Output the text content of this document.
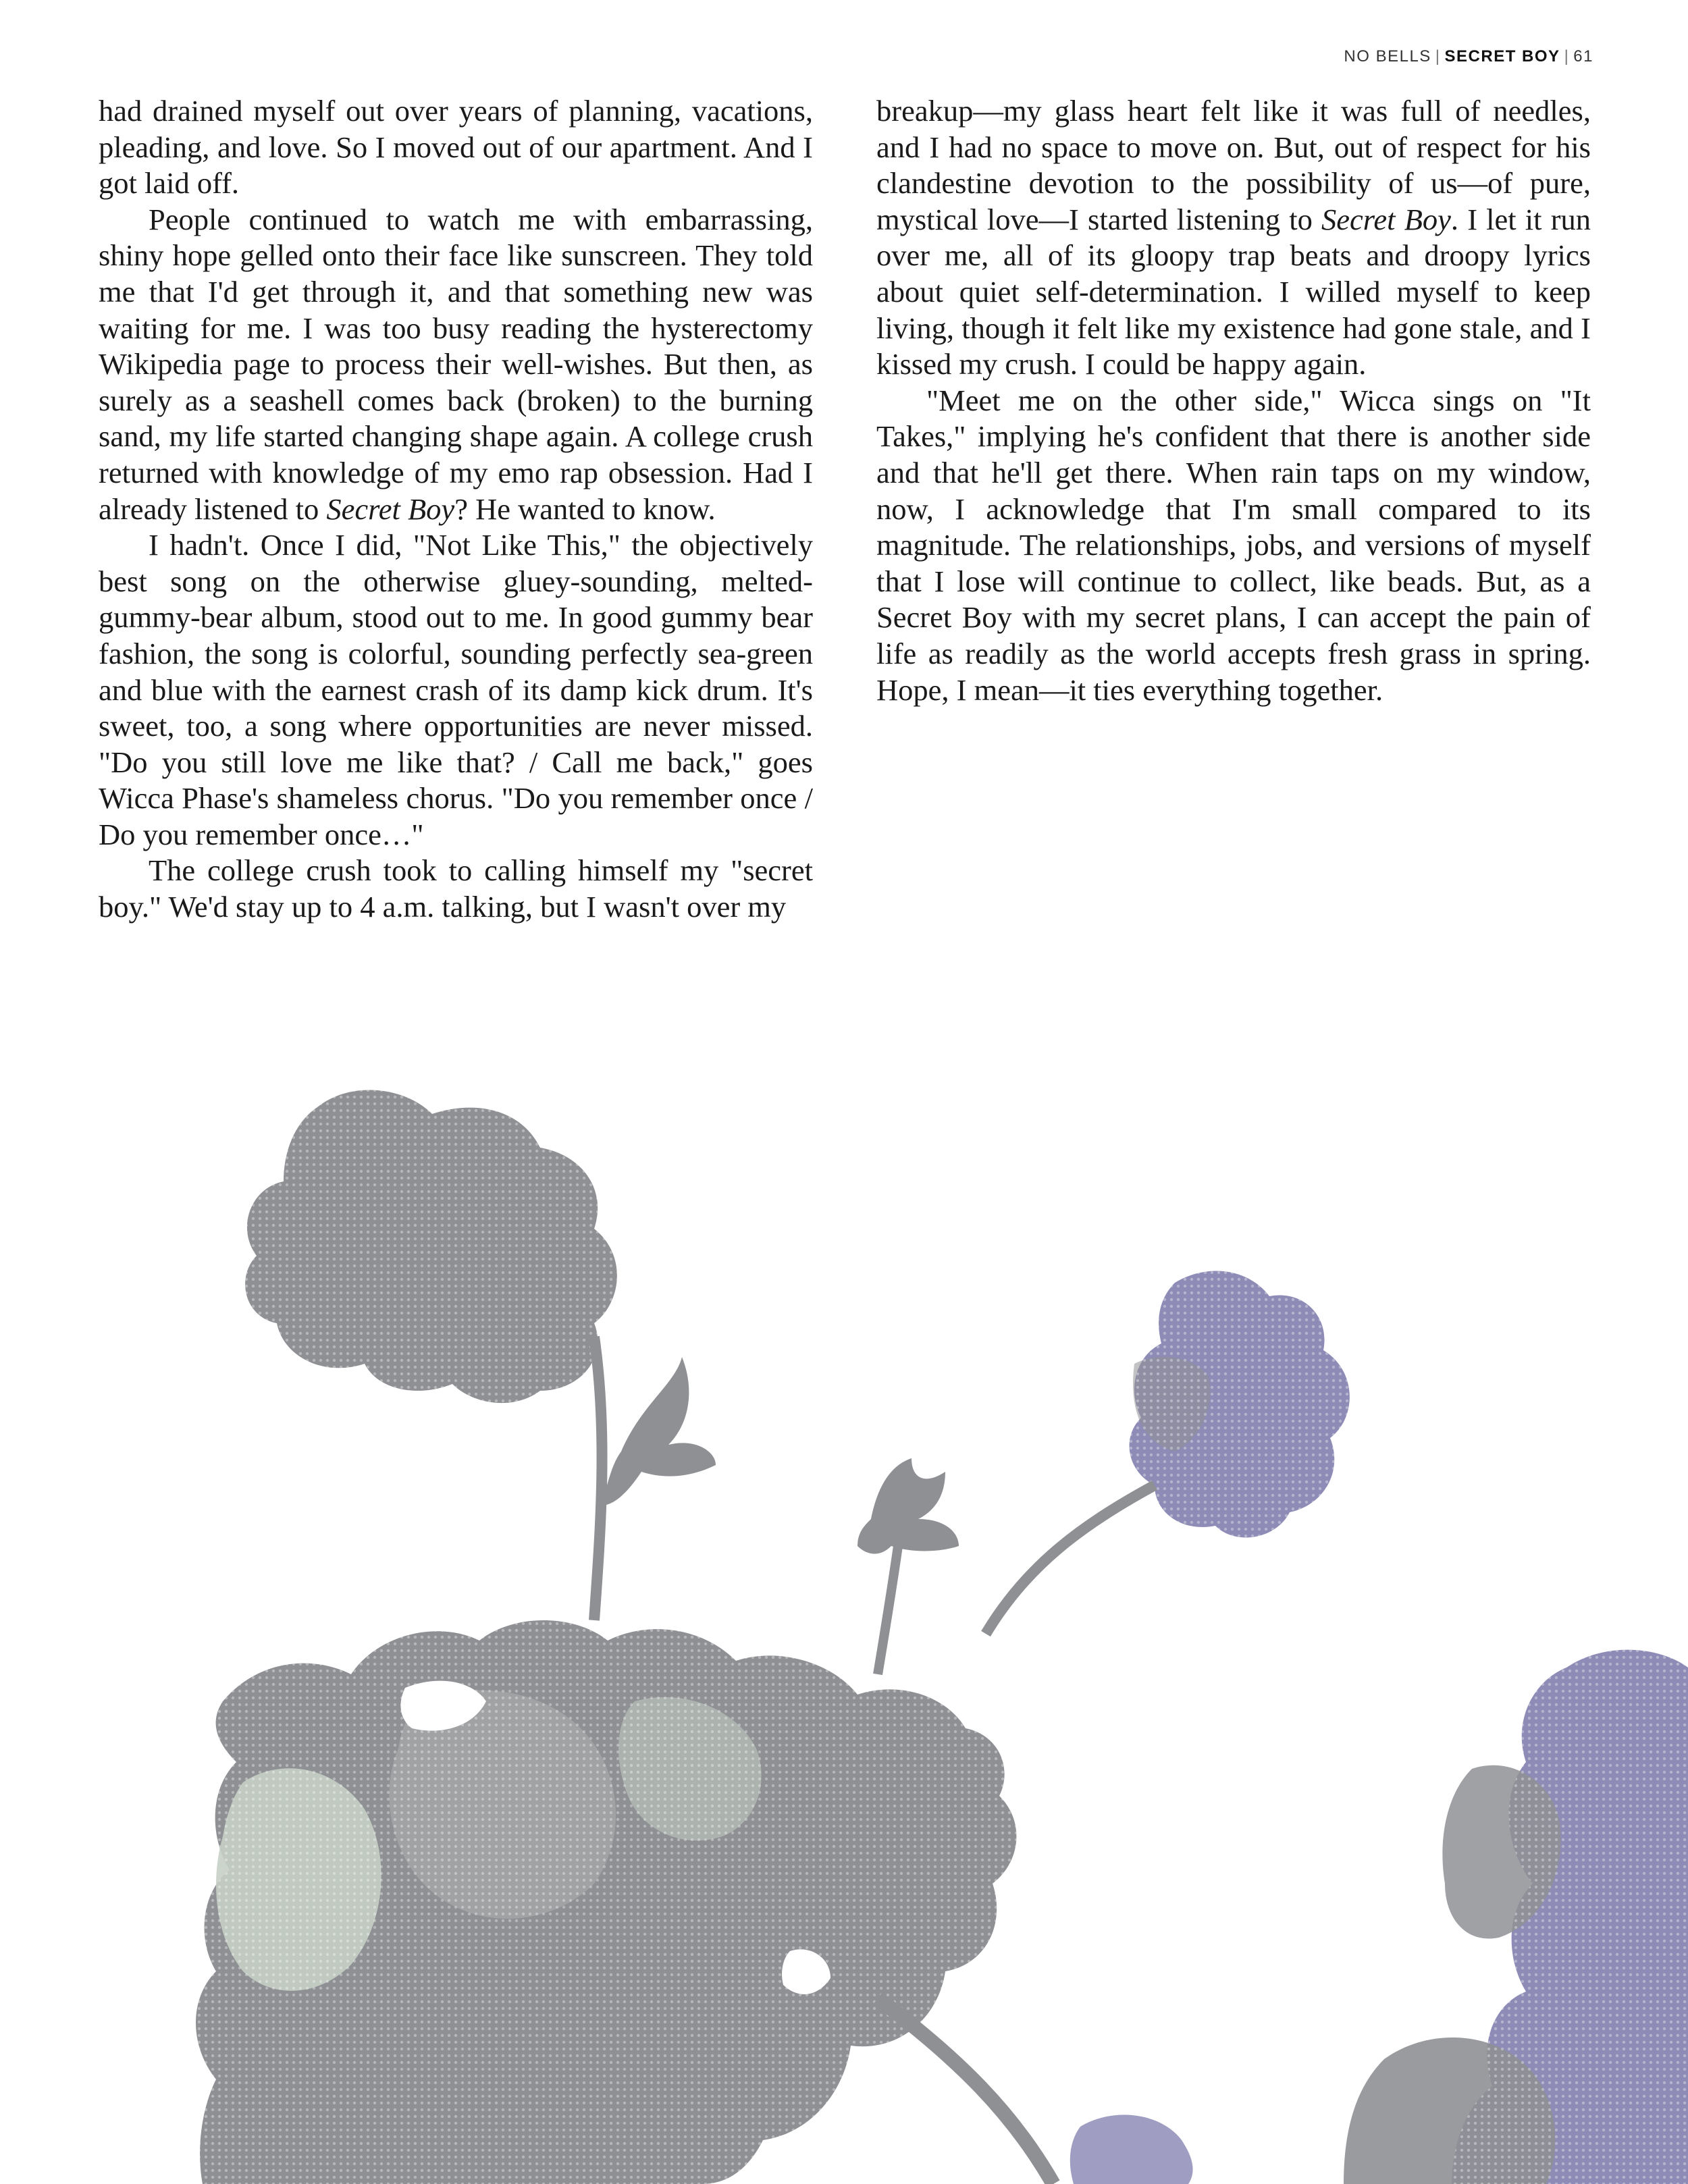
NO BELLS | SECRET BOY | 61

had drained myself out over years of planning, vacations, pleading, and love. So I moved out of our apartment. And I got laid off.

People continued to watch me with embarrassing, shiny hope gelled onto their face like sunscreen. They told me that I'd get through it, and that something new was waiting for me. I was too busy reading the hysterectomy Wikipedia page to process their well-wishes. But then, as surely as a seashell comes back (broken) to the burning sand, my life started changing shape again. A college crush returned with knowledge of my emo rap obsession. Had I already listened to Secret Boy? He wanted to know.

I hadn't. Once I did, "Not Like This," the objectively best song on the otherwise gluey-sounding, melted-gummy-bear album, stood out to me. In good gummy bear fashion, the song is colorful, sounding perfectly sea-green and blue with the earnest crash of its damp kick drum. It's sweet, too, a song where opportunities are never missed. "Do you still love me like that? / Call me back," goes Wicca Phase's shameless chorus. "Do you remember once / Do you remember once…"

The college crush took to calling himself my "secret boy." We'd stay up to 4 a.m. talking, but I wasn't over my

breakup—my glass heart felt like it was full of needles, and I had no space to move on. But, out of respect for his clandestine devotion to the possibility of us—of pure, mystical love—I started listening to Secret Boy. I let it run over me, all of its gloopy trap beats and droopy lyrics about quiet self-determination. I willed myself to keep living, though it felt like my existence had gone stale, and I kissed my crush. I could be happy again.

"Meet me on the other side," Wicca sings on "It Takes," implying he's confident that there is another side and that he'll get there. When rain taps on my window, now, I acknowledge that I'm small compared to its magnitude. The relationships, jobs, and versions of myself that I lose will continue to collect, like beads. But, as a Secret Boy with my secret plans, I can accept the pain of life as readily as the world accepts fresh grass in spring. Hope, I mean—it ties everything together.
